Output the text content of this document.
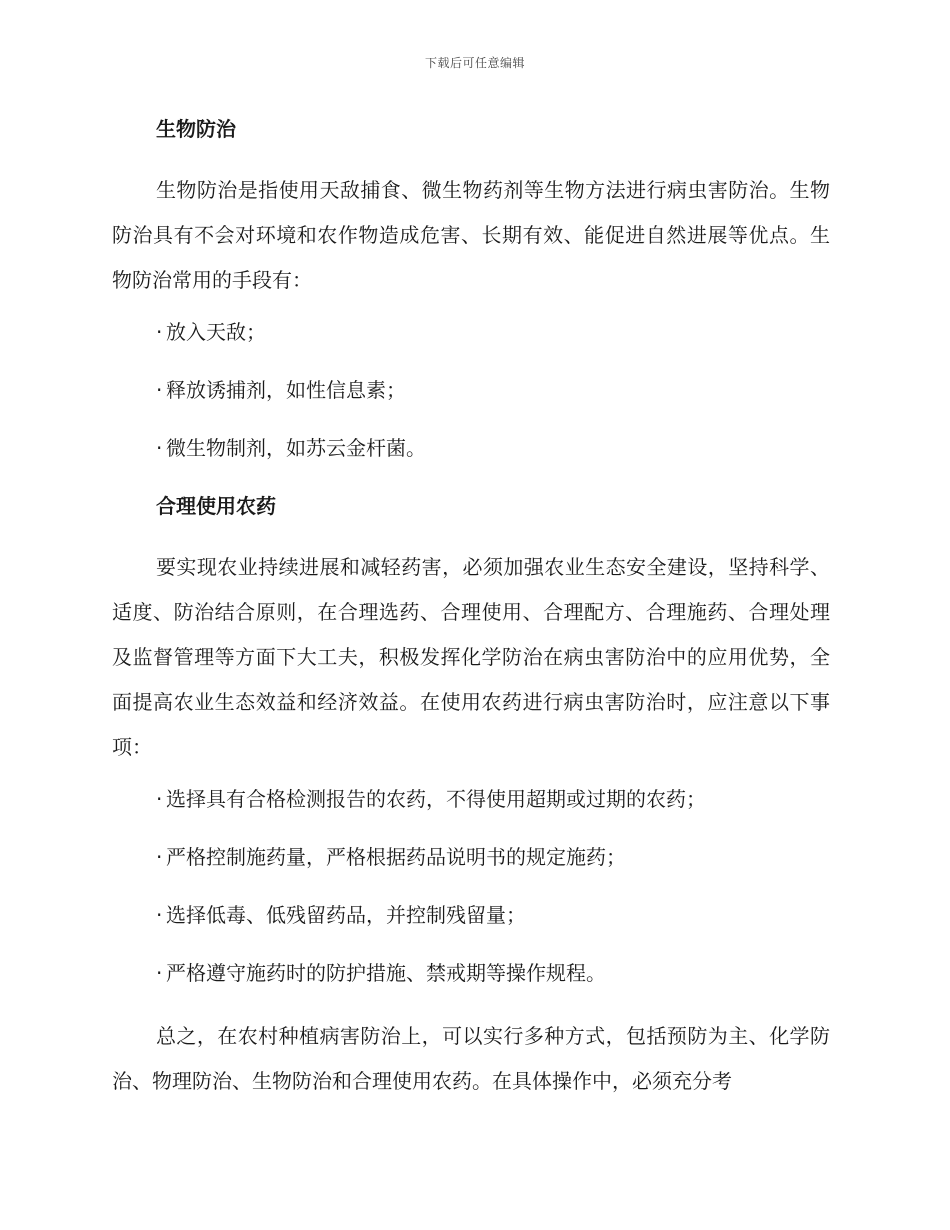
下载后可任意编辑
生物防治
生物防治是指使用天敌捕食、微生物药剂等生物方法进行病虫害防治。生物防治具有不会对环境和农作物造成危害、长期有效、能促进自然进展等优点。生物防治常用的手段有：
· 放入天敌；
· 释放诱捕剂，如性信息素；
· 微生物制剂，如苏云金杆菌。
合理使用农药
要实现农业持续进展和减轻药害，必须加强农业生态安全建设，坚持科学、适度、防治结合原则，在合理选药、合理使用、合理配方、合理施药、合理处理及监督管理等方面下大工夫，积极发挥化学防治在病虫害防治中的应用优势，全面提高农业生态效益和经济效益。在使用农药进行病虫害防治时，应注意以下事项：
· 选择具有合格检测报告的农药，不得使用超期或过期的农药；
· 严格控制施药量，严格根据药品说明书的规定施药；
· 选择低毒、低残留药品，并控制残留量；
· 严格遵守施药时的防护措施、禁戒期等操作规程。
总之，在农村种植病害防治上，可以实行多种方式，包括预防为主、化学防治、物理防治、生物防治和合理使用农药。在具体操作中，必须充分考
